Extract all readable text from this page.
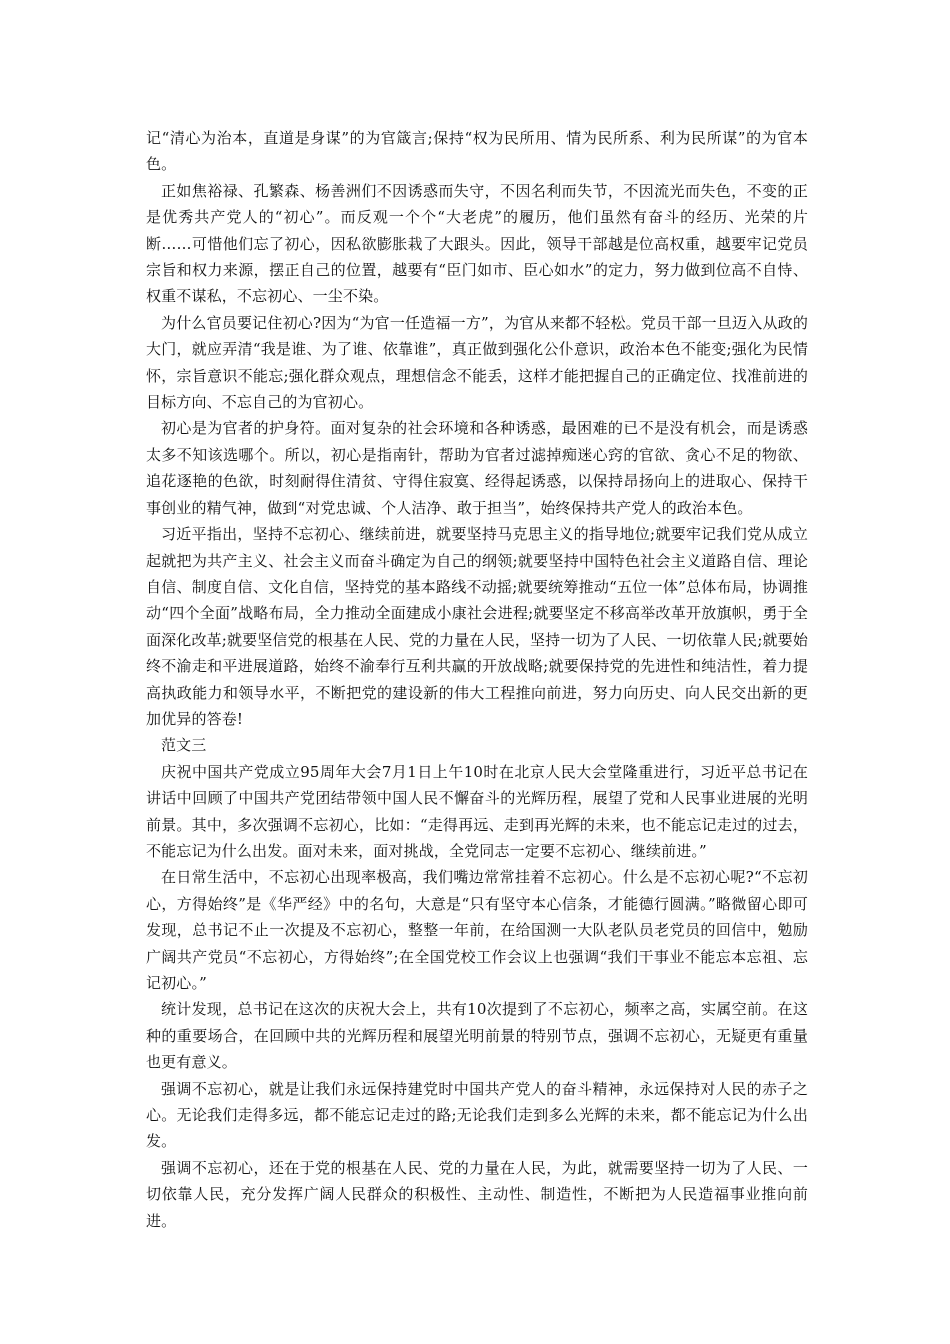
记“清心为治本，直道是身谋”的为官箴言;保持“权为民所用、情为民所系、利为民所谋”的为官本色。

正如焦裕禄、孔繁森、杨善洲们不因诱惑而失守，不因名利而失节，不因流光而失色，不变的正是优秀共产党人的“初心”。而反观一个个“大老虎”的履历，他们虽然有奋斗的经历、光荣的片断……可惜他们忘了初心，因私欲膨胀栽了大跟头。因此，领导干部越是位高权重，越要牢记党员宗旨和权力来源，摆正自己的位置，越要有“臣门如市、臣心如水”的定力，努力做到位高不自恃、权重不谋私，不忘初心、一尘不染。

为什么官员要记住初心?因为“为官一任造福一方”，为官从来都不轻松。党员干部一旦迈入从政的大门，就应弄清“我是谁、为了谁、依靠谁”，真正做到强化公仆意识，政治本色不能变;强化为民情怀，宗旨意识不能忘;强化群众观点，理想信念不能丢，这样才能把握自己的正确定位、找准前进的目标方向、不忘自己的为官初心。

初心是为官者的护身符。面对复杂的社会环境和各种诱惑，最困难的已不是没有机会，而是诱惑太多不知该选哪个。所以，初心是指南针，帮助为官者过滤掉痴迷心窍的官欲、贪心不足的物欲、追花逐艳的色欲，时刻耐得住清贫、守得住寂寞、经得起诱惑，以保持昂扬向上的进取心、保持干事创业的精气神，做到“对党忠诚、个人洁净、敢于担当”，始终保持共产党人的政治本色。

习近平指出，坚持不忘初心、继续前进，就要坚持马克思主义的指导地位;就要牢记我们党从成立起就把为共产主义、社会主义而奋斗确定为自己的纲领;就要坚持中国特色社会主义道路自信、理论自信、制度自信、文化自信，坚持党的基本路线不动摇;就要统筹推动“五位一体”总体布局，协调推动“四个全面”战略布局，全力推动全面建成小康社会进程;就要坚定不移高举改革开放旗帜，勇于全面深化改革;就要坚信党的根基在人民、党的力量在人民，坚持一切为了人民、一切依靠人民;就要始终不渝走和平进展道路，始终不渝奉行互利共赢的开放战略;就要保持党的先进性和纯洁性，着力提高执政能力和领导水平，不断把党的建设新的伟大工程推向前进，努力向历史、向人民交出新的更加优异的答卷!

范文三

庆祝中国共产党成立95周年大会7月1日上午10时在北京人民大会堂隆重进行，习近平总书记在讲话中回顾了中国共产党团结带领中国人民不懈奋斗的光辉历程，展望了党和人民事业进展的光明前景。其中，多次强调不忘初心，比如：“走得再远、走到再光辉的未来，也不能忘记走过的过去，不能忘记为什么出发。面对未来，面对挑战，全党同志一定要不忘初心、继续前进。”

在日常生活中，不忘初心出现率极高，我们嘴边常常挂着不忘初心。什么是不忘初心呢?“不忘初心，方得始终”是《华严经》中的名句，大意是“只有坚守本心信条，才能德行圆满。”略微留心即可发现，总书记不止一次提及不忘初心，整整一年前，在给国测一大队老队员老党员的回信中，勉励广阔共产党员“不忘初心，方得始终”;在全国党校工作会议上也强调“我们干事业不能忘本忘祖、忘记初心。”

统计发现，总书记在这次的庆祝大会上，共有10次提到了不忘初心，频率之高，实属空前。在这种的重要场合，在回顾中共的光辉历程和展望光明前景的特别节点，强调不忘初心，无疑更有重量也更有意义。

强调不忘初心，就是让我们永远保持建党时中国共产党人的奋斗精神，永远保持对人民的赤子之心。无论我们走得多远，都不能忘记走过的路;无论我们走到多么光辉的未来，都不能忘记为什么出发。

强调不忘初心，还在于党的根基在人民、党的力量在人民，为此，就需要坚持一切为了人民、一切依靠人民，充分发挥广阔人民群众的积极性、主动性、制造性，不断把为人民造福事业推向前进。
